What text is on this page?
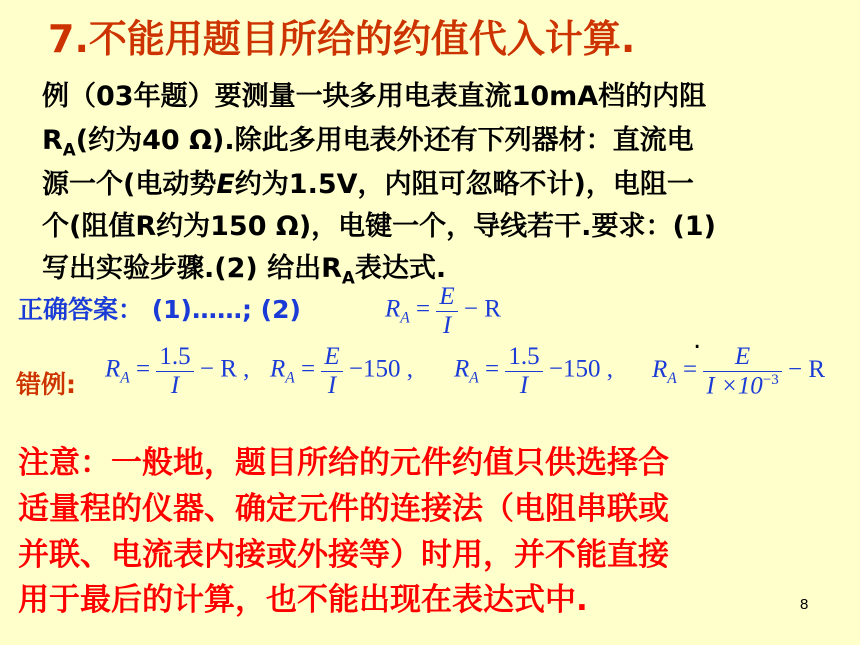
7.不能用题目所给的约值代入计算.
例（03年题）要测量一块多用电表直流10mA档的内阻
$R_A$(约为40 Ω).除此多用电表外还有下列器材：直流电
源一个(电动势E约为1.5V，内阻可忽略不计)，电阻一
个(阻值R约为150 Ω)，电键一个，导线若干.要求：(1)
写出实验步骤.(2) 给出$R_A$表达式.
正确答案： (1)……; (2)	$R_A = \frac{E}{I} - R$
.
错例:
$R_A = \frac{1.5}{I} - R$ , $R_A = \frac{E}{I} -150$ , $R_A = \frac{1.5}{I} -150$ , $R_A = \frac{E}{I \times 10^{-3}} - R$
注意：一般地，题目所给的元件约值只供选择合
适量程的仪器、确定元件的连接法（电阻串联或
并联、电流表内接或外接等）时用，并不能直接
用于最后的计算，也不能出现在表达式中.	8
